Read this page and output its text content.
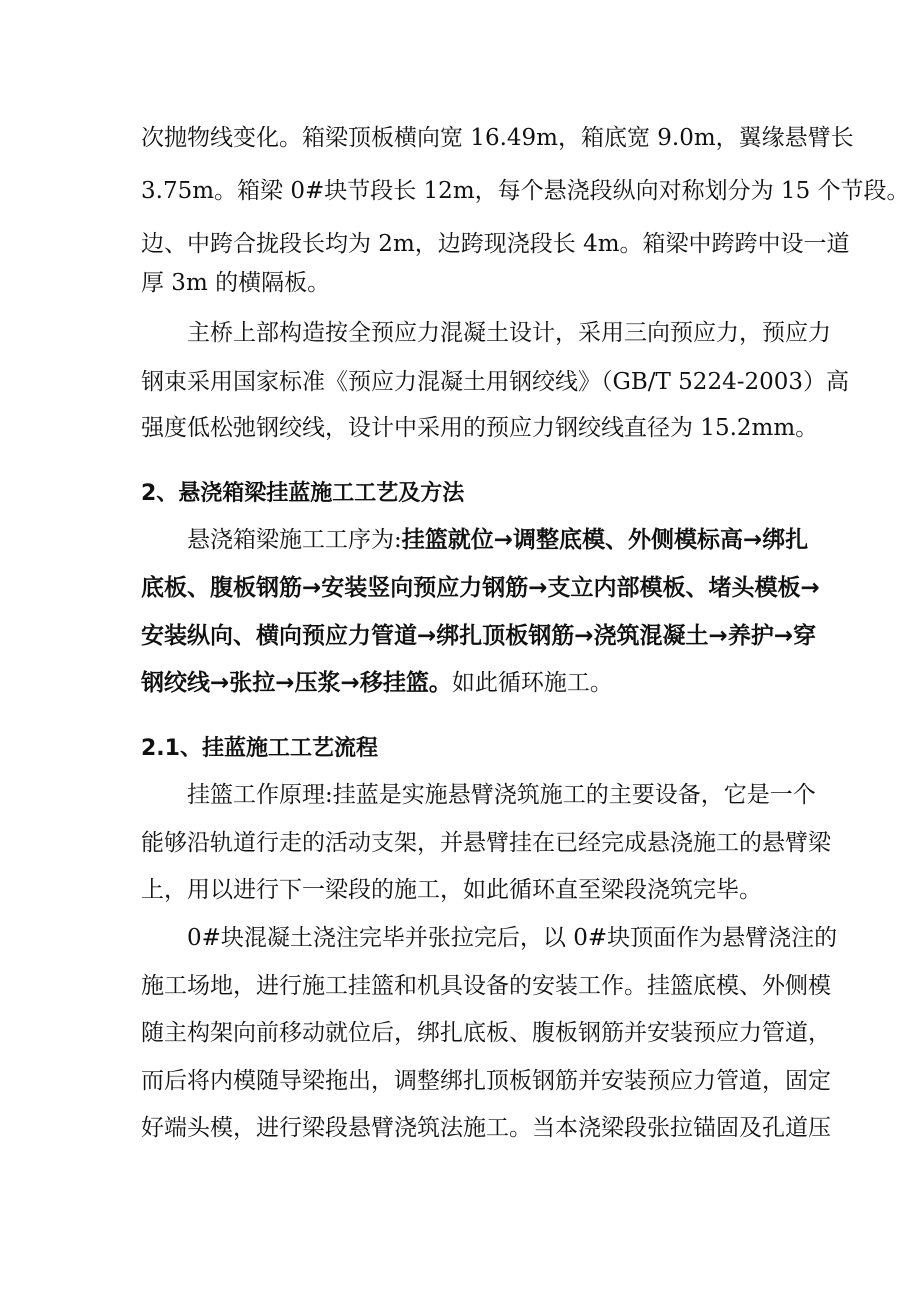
次抛物线变化。箱梁顶板横向宽 16.49m，箱底宽 9.0m，翼缘悬臂长
3.75m。箱梁 0#块节段长 12m，每个悬浇段纵向对称划分为 15 个节段。
边、中跨合拢段长均为 2m，边跨现浇段长 4m。箱梁中跨跨中设一道
厚 3m 的横隔板。
主桥上部构造按全预应力混凝土设计，采用三向预应力，预应力
钢束采用国家标准《预应力混凝土用钢绞线》（GB/T 5224-2003）高
强度低松弛钢绞线，设计中采用的预应力钢绞线直径为 15.2mm。
2、悬浇箱梁挂蓝施工工艺及方法
悬浇箱梁施工工序为:挂篮就位→调整底模、外侧模标高→绑扎
底板、腹板钢筋→安装竖向预应力钢筋→支立内部模板、堵头模板→
安装纵向、横向预应力管道→绑扎顶板钢筋→浇筑混凝土→养护→穿
钢绞线→张拉→压浆→移挂篮。如此循环施工。
2.1、挂蓝施工工艺流程
挂篮工作原理:挂蓝是实施悬臂浇筑施工的主要设备，它是一个
能够沿轨道行走的活动支架，并悬臂挂在已经完成悬浇施工的悬臂梁
上，用以进行下一梁段的施工，如此循环直至梁段浇筑完毕。
0#块混凝土浇注完毕并张拉完后，以 0#块顶面作为悬臂浇注的
施工场地，进行施工挂篮和机具设备的安装工作。挂篮底模、外侧模
随主构架向前移动就位后，绑扎底板、腹板钢筋并安装预应力管道，
而后将内模随导梁拖出，调整绑扎顶板钢筋并安装预应力管道，固定
好端头模，进行梁段悬臂浇筑法施工。当本浇梁段张拉锚固及孔道压
